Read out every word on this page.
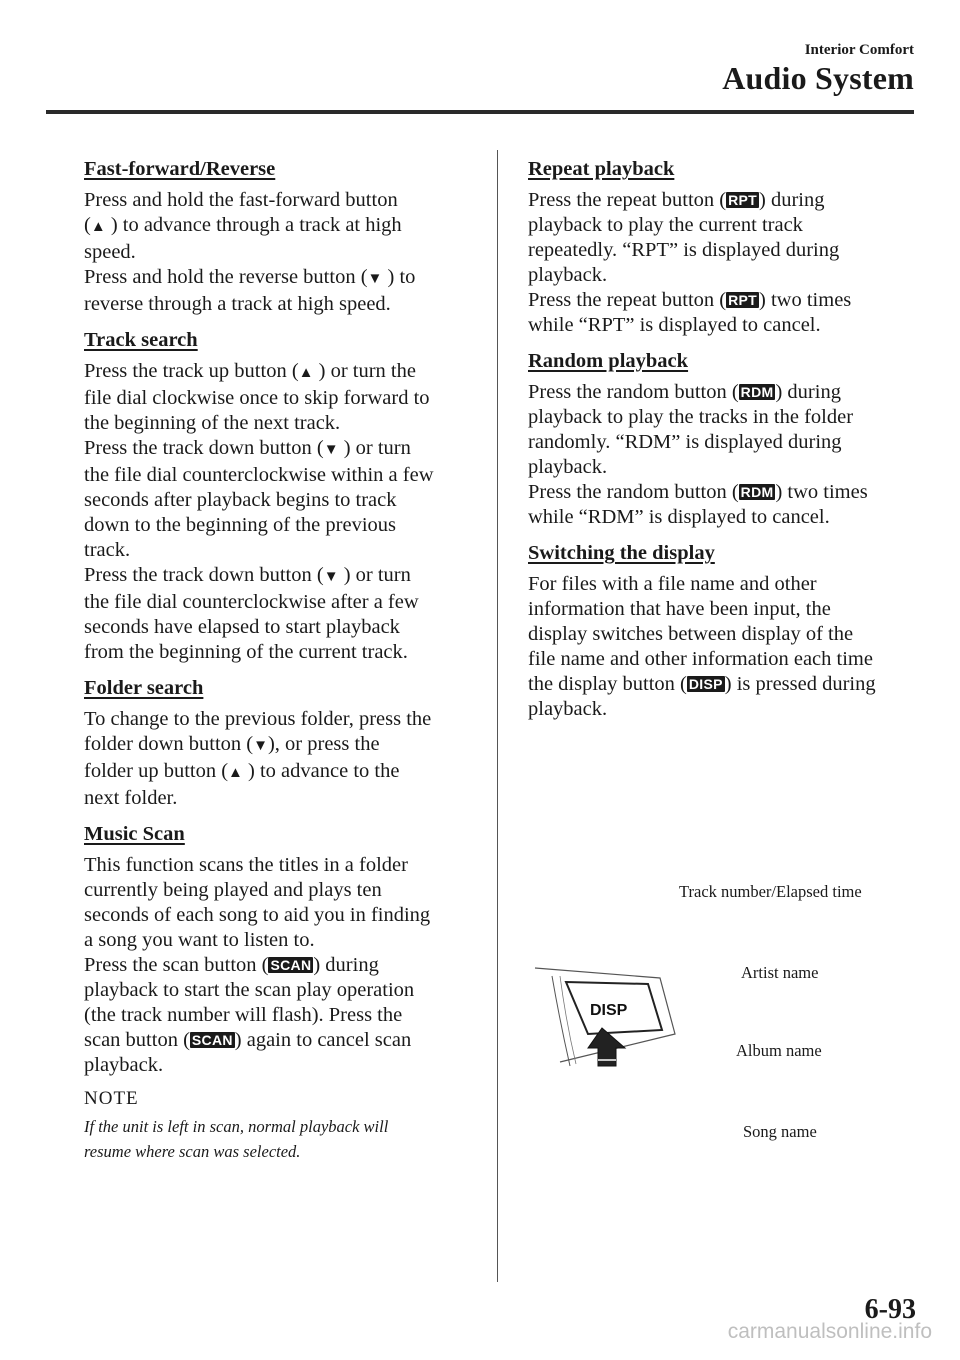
Interior Comfort
Audio System
Fast-forward/Reverse
Press and hold the fast-forward button
(▲ ) to advance through a track at high
speed.
Press and hold the reverse button (▼ ) to
reverse through a track at high speed.
Track search
Press the track up button (▲ ) or turn the
file dial clockwise once to skip forward to
the beginning of the next track.
Press the track down button (▼ ) or turn
the file dial counterclockwise within a few
seconds after playback begins to track
down to the beginning of the previous
track.
Press the track down button (▼ ) or turn
the file dial counterclockwise after a few
seconds have elapsed to start playback
from the beginning of the current track.
Folder search
To change to the previous folder, press the
folder down button (▼), or press the
folder up button (▲ ) to advance to the
next folder.
Music Scan
This function scans the titles in a folder
currently being played and plays ten
seconds of each song to aid you in finding
a song you want to listen to.
Press the scan button ( SCAN) during
playback to start the scan play operation
(the track number will flash). Press the
scan button ( SCAN) again to cancel scan
playback.
NOTE
If the unit is left in scan, normal playback will
resume where scan was selected.
Repeat playback
Press the repeat button ( RPT) during
playback to play the current track
repeatedly. “RPT” is displayed during
playback.
Press the repeat button ( RPT) two times
while “RPT” is displayed to cancel.
Random playback
Press the random button ( RDM) during
playback to play the tracks in the folder
randomly. “RDM” is displayed during
playback.
Press the random button ( RDM) two times
while “RDM” is displayed to cancel.
Switching the display
For files with a file name and other
information that have been input, the
display switches between display of the
file name and other information each time
the display button ( DISP) is pressed during
playback.
DISP
Track number/Elapsed time
Artist name
Album name
Song name
6-93
carmanualsonline.info
